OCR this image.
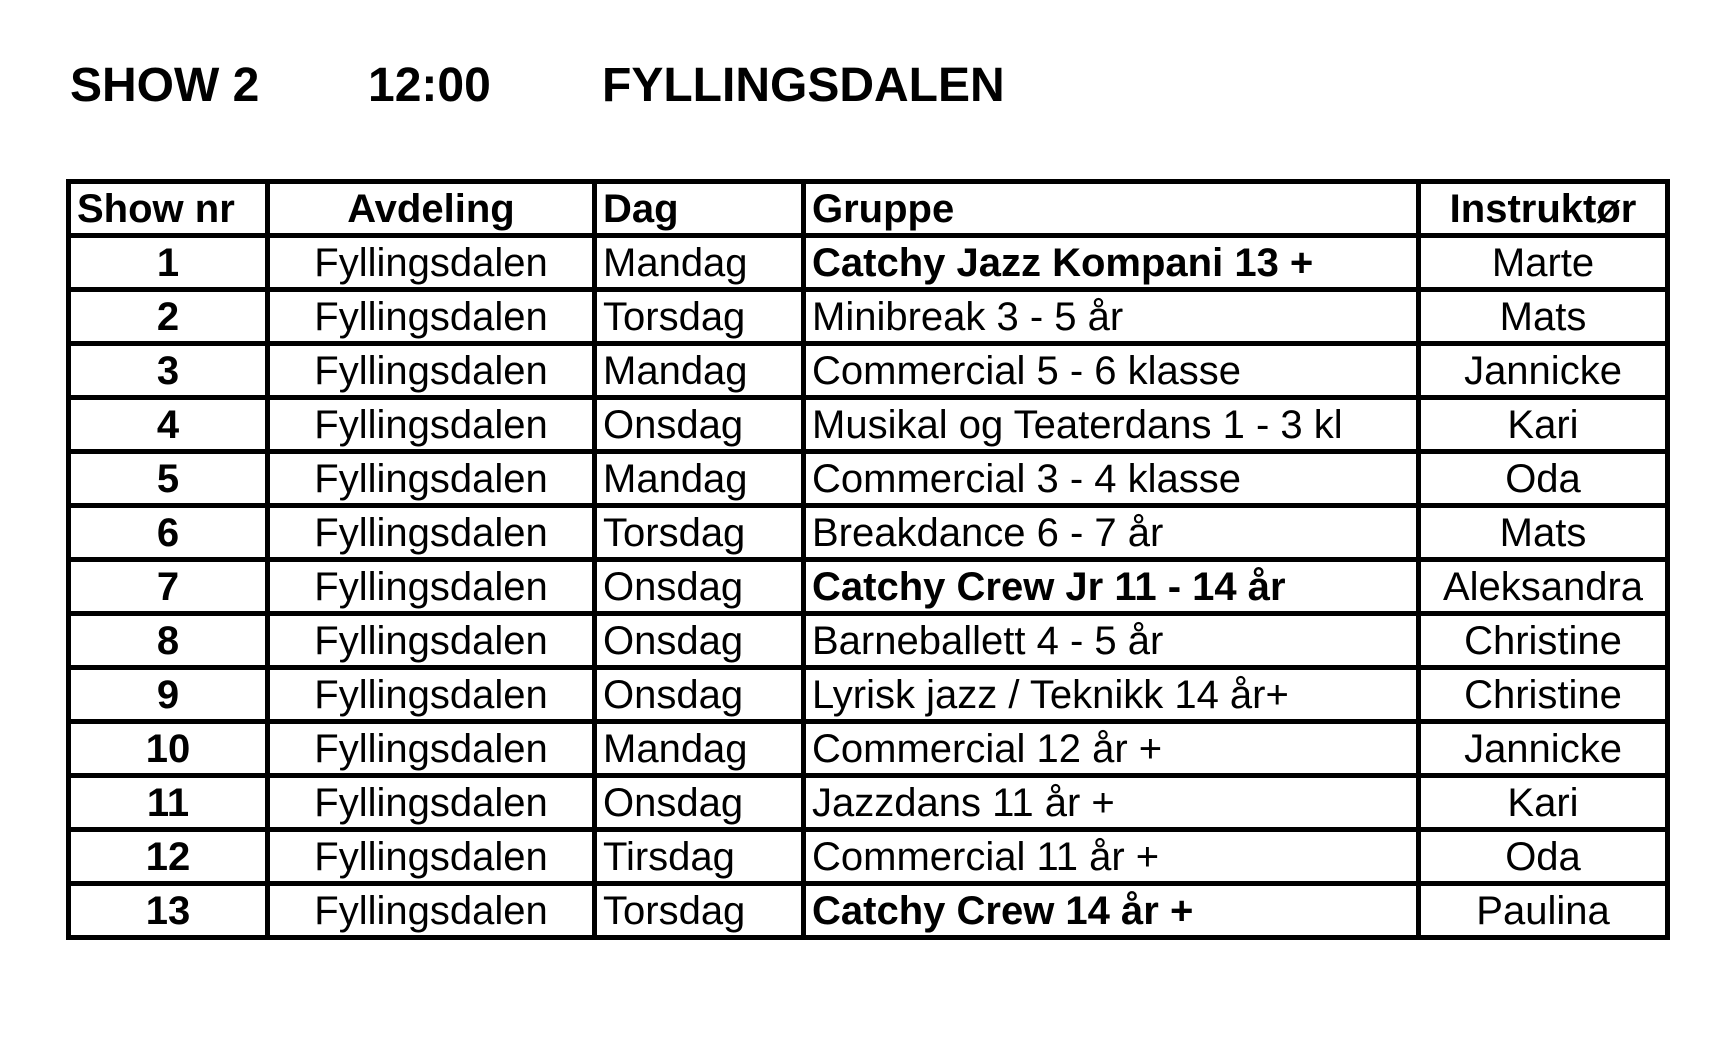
SHOW 2 12:00 FYLLINGSDALEN
Show nr	Avdeling	Dag	Gruppe	Instruktør
1	Fyllingsdalen	Mandag	Catchy Jazz Kompani 13 +	Marte
2	Fyllingsdalen	Torsdag	Minibreak 3 - 5 år	Mats
3	Fyllingsdalen	Mandag	Commercial 5 - 6 klasse	Jannicke
4	Fyllingsdalen	Onsdag	Musikal og Teaterdans 1 - 3 kl	Kari
5	Fyllingsdalen	Mandag	Commercial 3 - 4 klasse	Oda
6	Fyllingsdalen	Torsdag	Breakdance 6 - 7 år	Mats
7	Fyllingsdalen	Onsdag	Catchy Crew Jr 11 - 14 år	Aleksandra
8	Fyllingsdalen	Onsdag	Barneballett 4 - 5 år	Christine
9	Fyllingsdalen	Onsdag	Lyrisk jazz / Teknikk 14 år+	Christine
10	Fyllingsdalen	Mandag	Commercial 12 år +	Jannicke
11	Fyllingsdalen	Onsdag	Jazzdans 11 år +	Kari
12	Fyllingsdalen	Tirsdag	Commercial 11 år +	Oda
13	Fyllingsdalen	Torsdag	Catchy Crew 14 år +	Paulina
